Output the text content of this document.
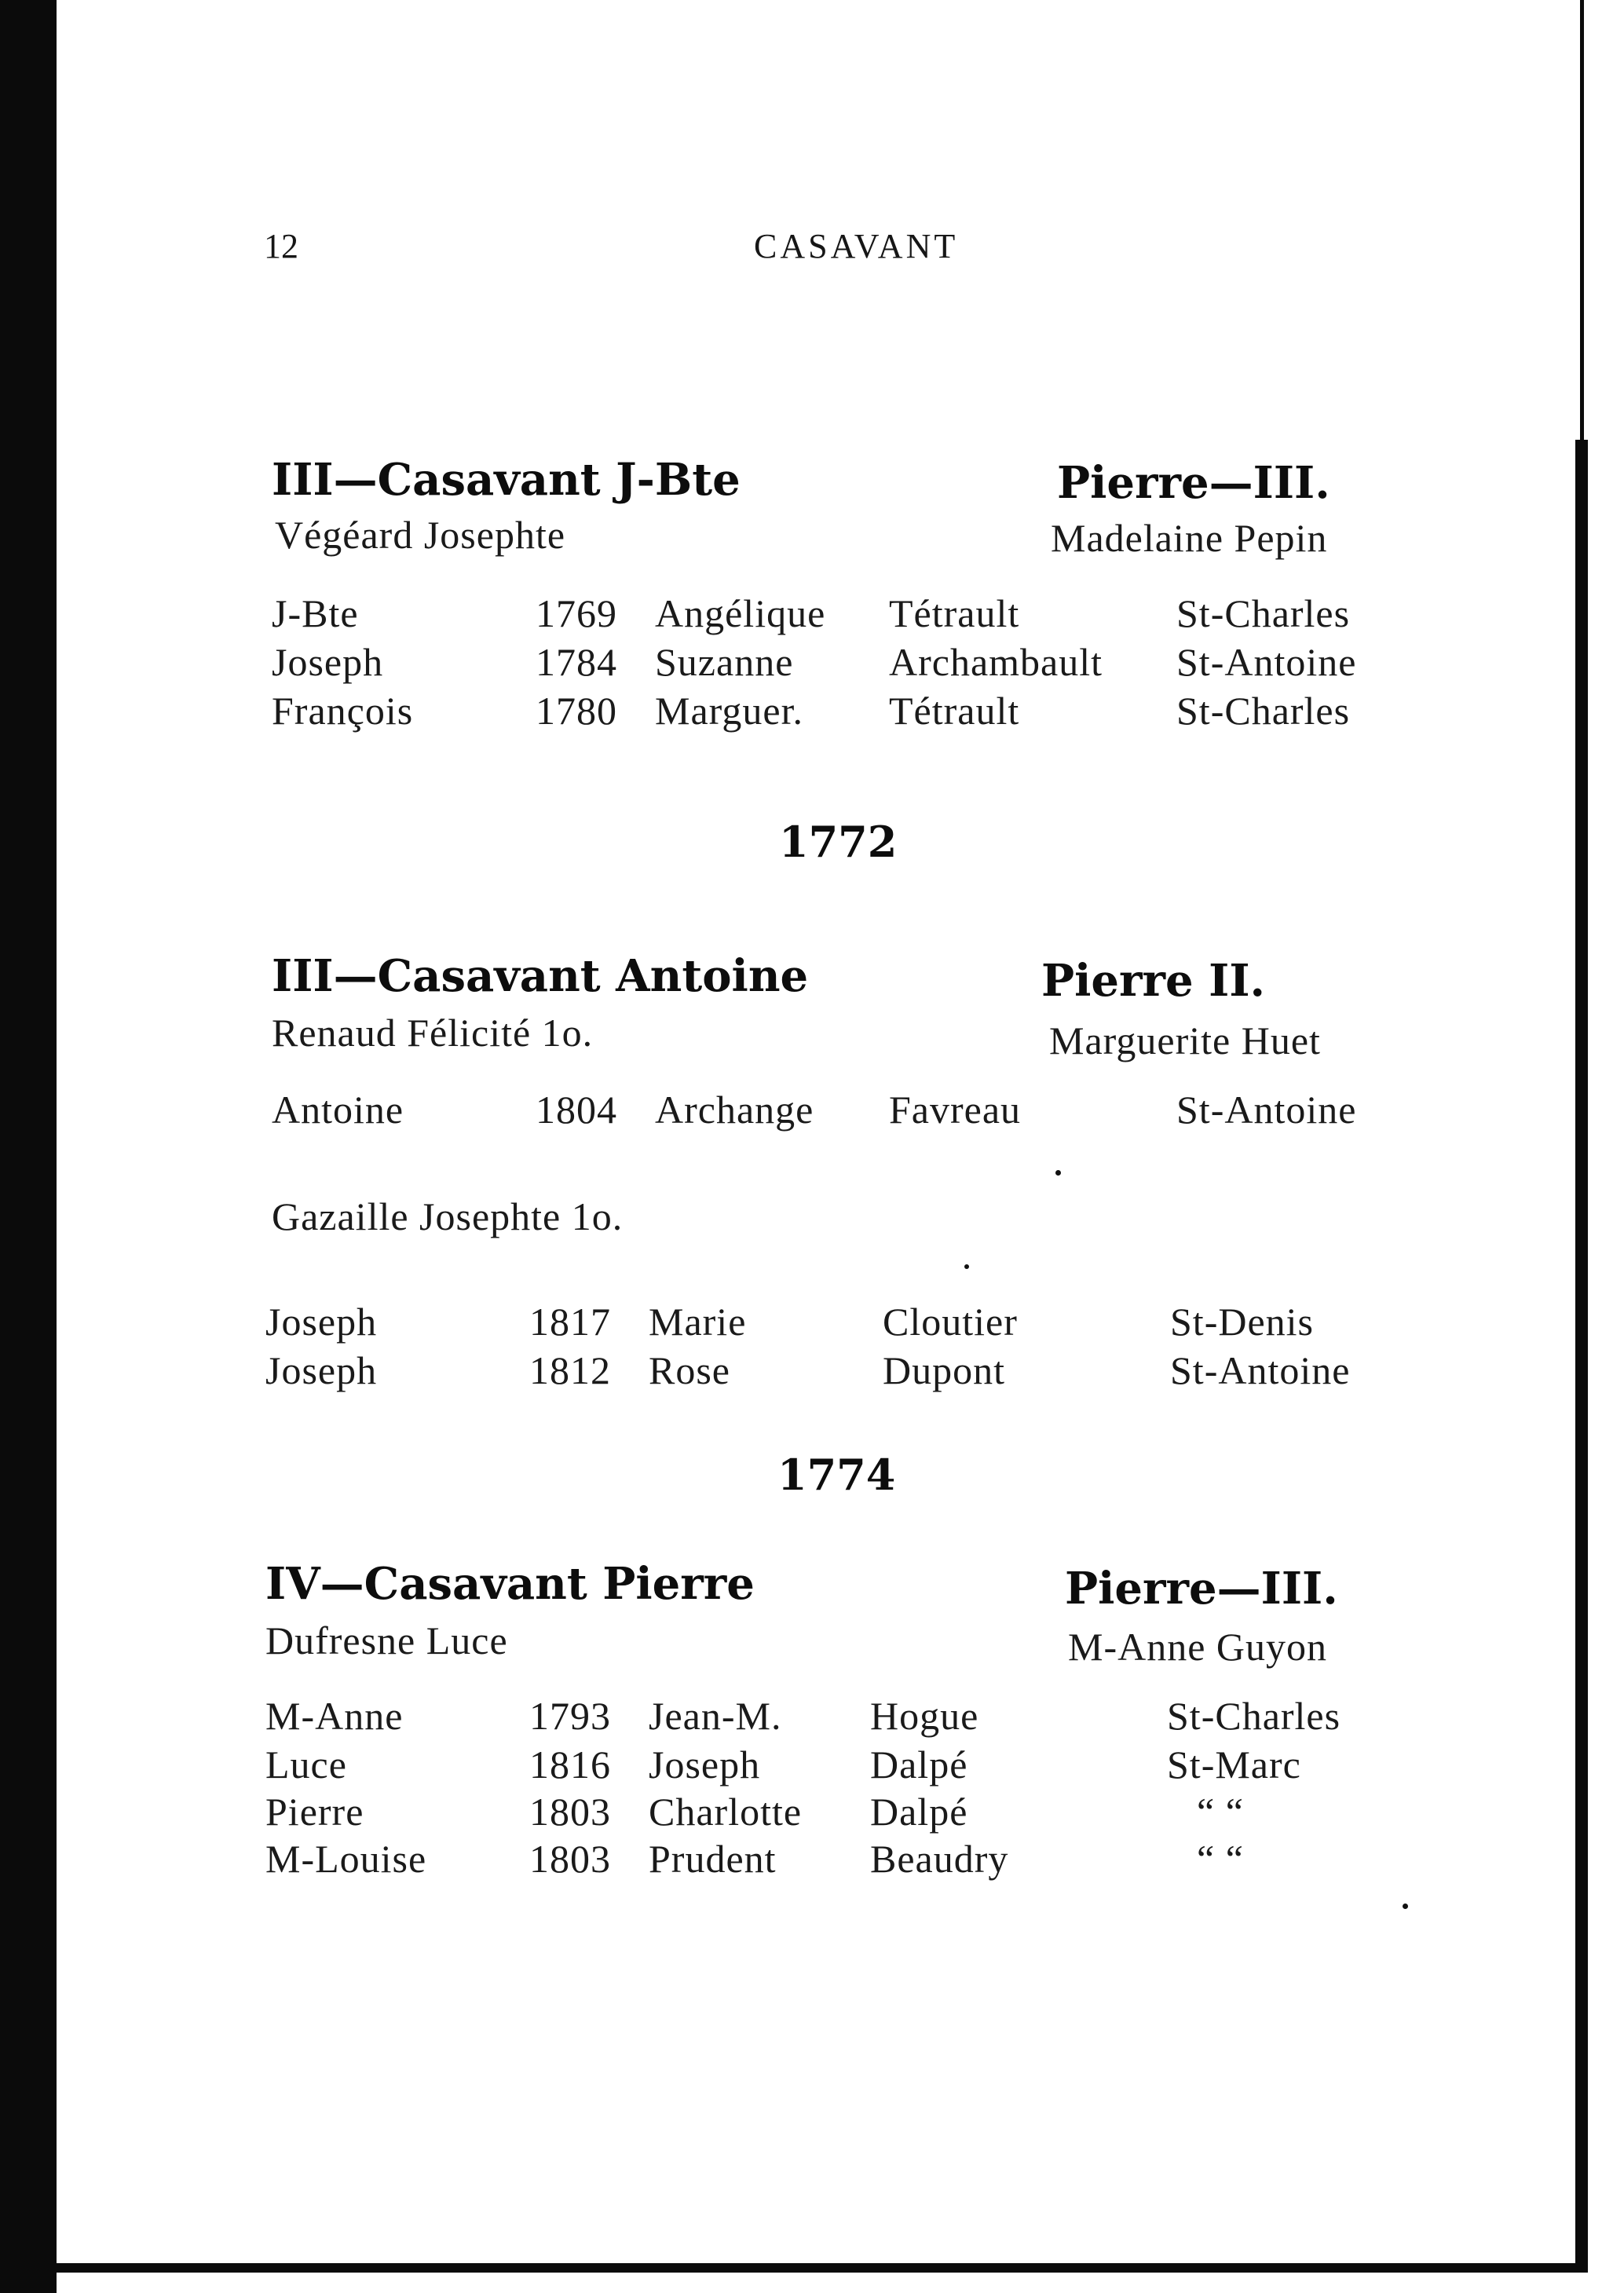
12	CASAVANT
III—Casavant J-Bte	Pierre—III.
Végéard Josephte	Madelaine Pepin
J-Bte	1769 Angélique Tétrault	St-Charles
Joseph	1784 Suzanne Archambault St-Antoine
François	1780 Marguer. Tétrault	St-Charles
1772
III—Casavant Antoine	Pierre II.
Renaud Félicité 1o.	Marguerite Huet
Antoine	1804 Archange Favreau	St-Antoine
Gazaille Josephte 1o.
Joseph	1817 Marie	Cloutier	St-Denis
Joseph	1812 Rose	Dupont	St-Antoine
1774
IV—Casavant Pierre	Pierre—III.
Dufresne Luce	M-Anne Guyon
M-Anne	1793 Jean-M. Hogue	St-Charles
Luce	1816 Joseph	Dalpé	St-Marc
Pierre	1803 Charlotte Dalpé	“ “
M-Louise	1803 Prudent Beaudry	“ “
